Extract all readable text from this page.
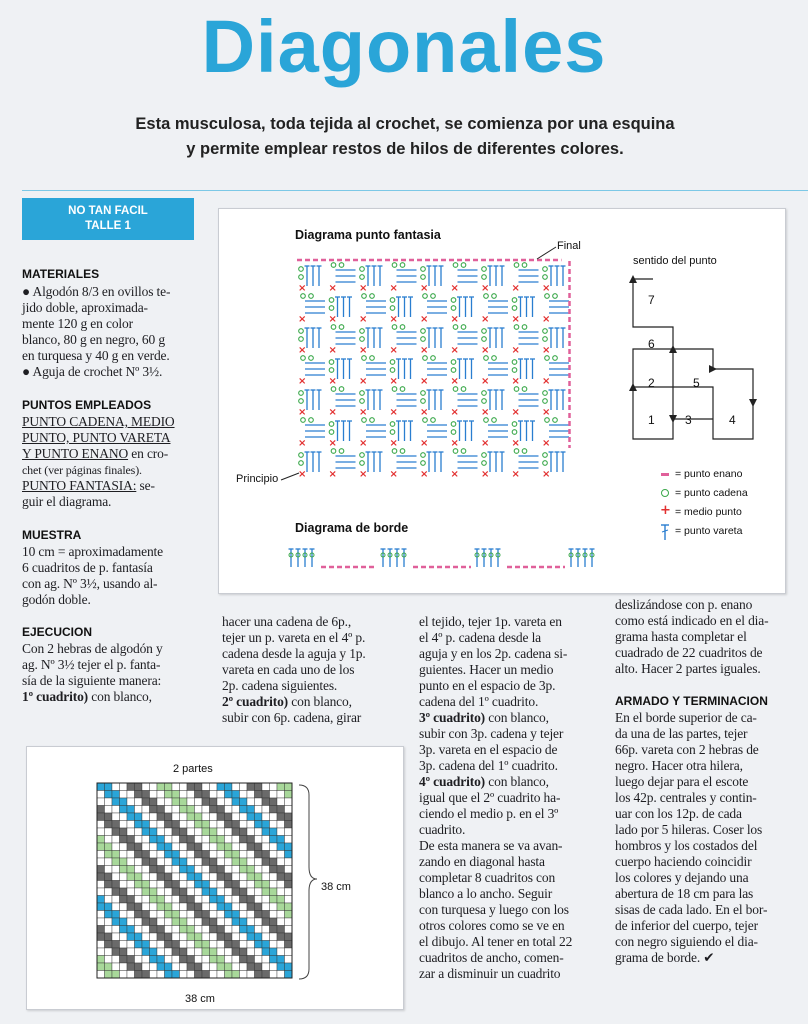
Diagonales
Esta musculosa, toda tejida al crochet, se comienza por una esquina
y permite emplear restos de hilos de diferentes colores.
NO TAN FACIL
TALLE 1
MATERIALES
● Algodón 8/3 en ovillos te-
jido doble, aproximada-
mente 120 g en color
blanco, 80 g en negro, 60 g
en turquesa y 40 g en verde.
● Aguja de crochet Nº 3½.
PUNTOS EMPLEADOS
PUNTO CADENA, MEDIO
PUNTO, PUNTO VARETA
Y PUNTO ENANO en cro-
chet (ver páginas finales).
PUNTO FANTASIA: se-
guir el diagrama.
MUESTRA
10 cm = aproximadamente
6 cuadritos de p. fantasía
con ag. Nº 3½, usando al-
godón doble.
EJECUCION
Con 2 hebras de algodón y
ag. Nº 3½ tejer el p. fanta-
sía de la siguiente manera:
1º cuadrito) con blanco,
hacer una cadena de 6p.,
tejer un p. vareta en el 4º p.
cadena desde la aguja y 1p.
vareta en cada uno de los
2p. cadena siguientes.
2º cuadrito) con blanco,
subir con 6p. cadena, girar
el tejido, tejer 1p. vareta en
el 4º p. cadena desde la
aguja y en los 2p. cadena si-
guientes. Hacer un medio
punto en el espacio de 3p.
cadena del 1º cuadrito.
3º cuadrito) con blanco,
subir con 3p. cadena y tejer
3p. vareta en el espacio de
3p. cadena del 1º cuadrito.
4º cuadrito) con blanco,
igual que el 2º cuadrito ha-
ciendo el medio p. en el 3º
cuadrito.
De esta manera se va avan-
zando en diagonal hasta
completar 8 cuadritos con
blanco a lo ancho. Seguir
con turquesa y luego con los
otros colores como se ve en
el dibujo. Al tener en total 22
cuadritos de ancho, comen-
zar a disminuir un cuadrito
deslizándose con p. enano
como está indicado en el dia-
grama hasta completar el
cuadrado de 22 cuadritos de
alto. Hacer 2 partes iguales.
ARMADO Y TERMINACION
En el borde superior de ca-
da una de las partes, tejer
66p. vareta con 2 hebras de
negro. Hacer otra hilera,
luego dejar para el escote
los 42p. centrales y contin-
uar con los 12p. de cada
lado por 5 hileras. Coser los
hombros y los costados del
cuerpo haciendo coincidir
los colores y dejando una
abertura de 18 cm para las
sisas de cada lado. En el bor-
de inferior del cuerpo, tejer
con negro siguiendo el dia-
grama de borde. ✔
Diagrama punto fantasia
Final
Principio
Diagrama de borde
sentido del punto
× × × × × × × × ×
× × × × × × × × ×
× × × × × × × × ×
× × × × × × × × ×
× × × × × × × × ×
× × × × × × × × ×
× × × × × × × × ×
7
6
2	5
1	3	4
= punto enano
= punto cadena
+ = medio punto
= punto vareta
2 partes
38 cm
38 cm
